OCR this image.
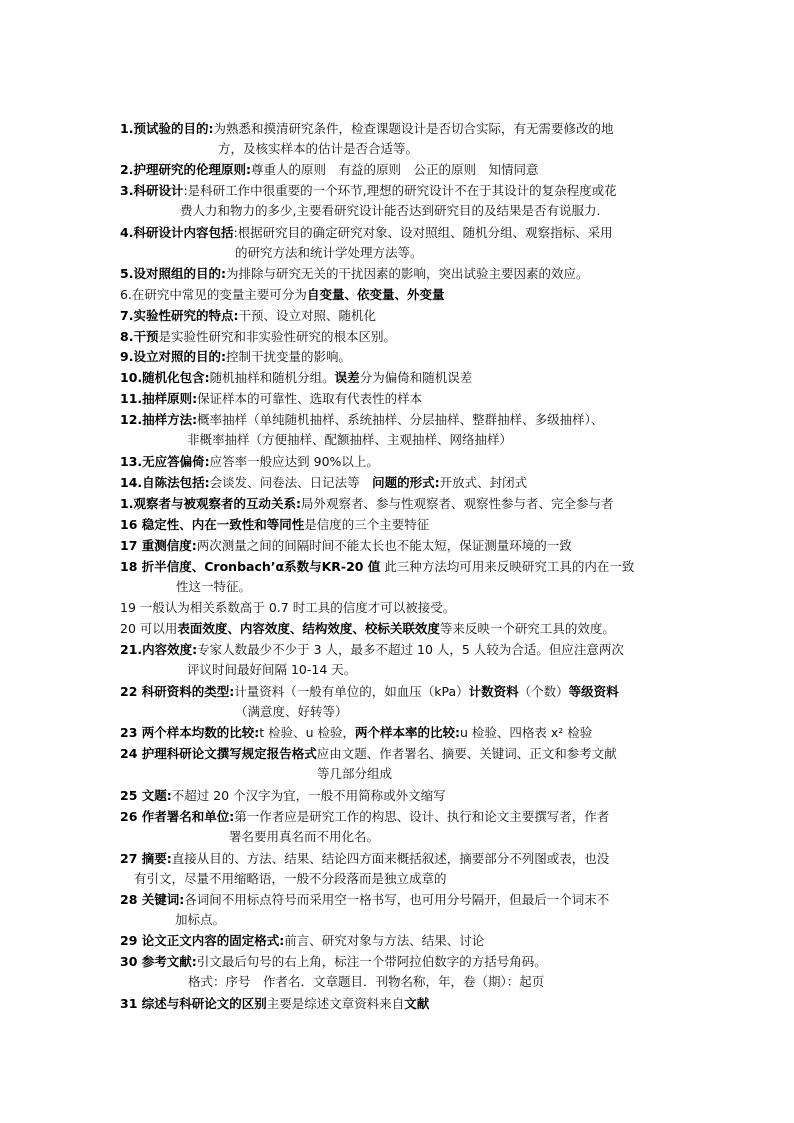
1.预试验的目的:为熟悉和摸清研究条件，检查课题设计是否切合实际，有无需要修改的地
方，及核实样本的估计是否合适等。
2.护理研究的伦理原则:尊重人的原则　有益的原则　公正的原则　知情同意
3.科研设计:是科研工作中很重要的一个环节,理想的研究设计不在于其设计的复杂程度或花
费人力和物力的多少,主要看研究设计能否达到研究目的及结果是否有说服力.
4.科研设计内容包括:根据研究目的确定研究对象、设对照组、随机分组、观察指标、采用
的研究方法和统计学处理方法等。
5.设对照组的目的:为排除与研究无关的干扰因素的影响，突出试验主要因素的效应。
6.在研究中常见的变量主要可分为自变量、依变量、外变量
7.实验性研究的特点:干预、设立对照、随机化
8.干预是实验性研究和非实验性研究的根本区别。
9.设立对照的目的:控制干扰变量的影响。
10.随机化包含:随机抽样和随机分组。误差分为偏倚和随机误差
11.抽样原则:保证样本的可靠性、选取有代表性的样本
12.抽样方法:概率抽样（单纯随机抽样、系统抽样、分层抽样、整群抽样、多级抽样）、
非概率抽样（方便抽样、配额抽样、主观抽样、网络抽样）
13.无应答偏倚:应答率一般应达到 90%以上。
14.自陈法包括:会谈发、问卷法、日记法等　问题的形式:开放式、封闭式
1.观察者与被观察者的互动关系:局外观察者、参与性观察者、观察性参与者、完全参与者
16 稳定性、内在一致性和等同性是信度的三个主要特征
17 重测信度:两次测量之间的间隔时间不能太长也不能太短，保证测量环境的一致
18 折半信度、Cronbach’α系数与KR-20 值 此三种方法均可用来反映研究工具的内在一致
性这一特征。
19 一般认为相关系数高于 0.7 时工具的信度才可以被接受。
20 可以用表面效度、内容效度、结构效度、校标关联效度等来反映一个研究工具的效度。
21.内容效度:专家人数最少不少于 3 人，最多不超过 10 人，5 人较为合适。但应注意两次
评议时间最好间隔 10-14 天。
22 科研资料的类型:计量资料（一般有单位的，如血压（kPa）计数资料（个数）等级资料
（满意度、好转等）
23 两个样本均数的比较:t 检验、u 检验，两个样本率的比较:u 检验、四格表 x² 检验
24 护理科研论文撰写规定报告格式应由文题、作者署名、摘要、关键词、正文和参考文献
等几部分组成
25 文题:不超过 20 个汉字为宜，一般不用简称或外文缩写
26 作者署名和单位:第一作者应是研究工作的构思、设计、执行和论文主要撰写者，作者
署名要用真名而不用化名。
27 摘要:直接从目的、方法、结果、结论四方面来概括叙述，摘要部分不列图或表，也没
有引文，尽量不用缩略语，一般不分段落而是独立成章的
28 关键词:各词间不用标点符号而采用空一格书写，也可用分号隔开，但最后一个词末不
加标点。
29 论文正文内容的固定格式:前言、研究对象与方法、结果、讨论
30 参考文献:引文最后句号的右上角，标注一个带阿拉伯数字的方括号角码。
格式：序号　作者名．文章题目．刊物名称，年，卷（期）：起页
31 综述与科研论文的区别主要是综述文章资料来自文献
